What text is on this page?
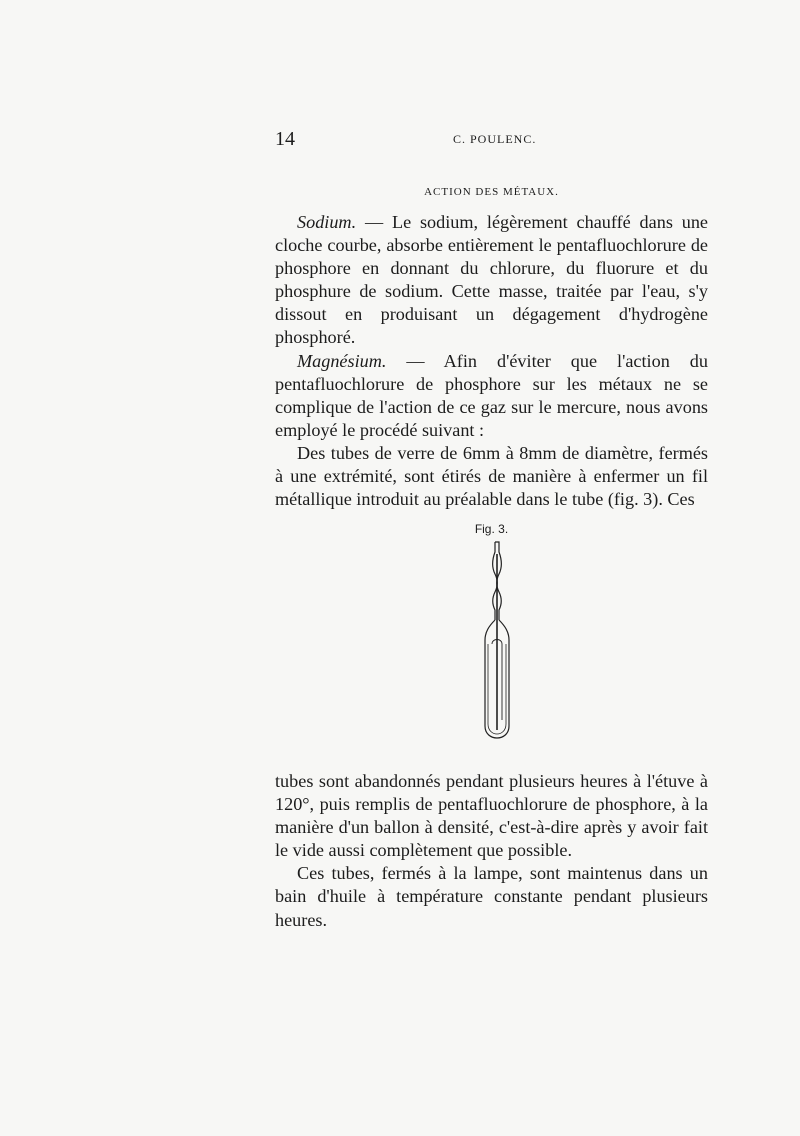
14	C. POULENC.
ACTION DES MÉTAUX.

Sodium. — Le sodium, légèrement chauffé dans une cloche courbe, absorbe entièrement le pentafluochlorure de phosphore en donnant du chlorure, du fluorure et du phosphure de sodium. Cette masse, traitée par l'eau, s'y dissout en produisant un dégagement d'hydrogène phosphoré.

Magnésium. — Afin d'éviter que l'action du pentafluochlorure de phosphore sur les métaux ne se complique de l'action de ce gaz sur le mercure, nous avons employé le procédé suivant :

Des tubes de verre de 6mm à 8mm de diamètre, fermés à une extrémité, sont étirés de manière à enfermer un fil métallique introduit au préalable dans le tube (fig. 3). Ces

Fig. 3.

tubes sont abandonnés pendant plusieurs heures à l'étuve à 120°, puis remplis de pentafluochlorure de phosphore, à la manière d'un ballon à densité, c'est-à-dire après y avoir fait le vide aussi complètement que possible.

Ces tubes, fermés à la lampe, sont maintenus dans un bain d'huile à température constante pendant plusieurs heures.
